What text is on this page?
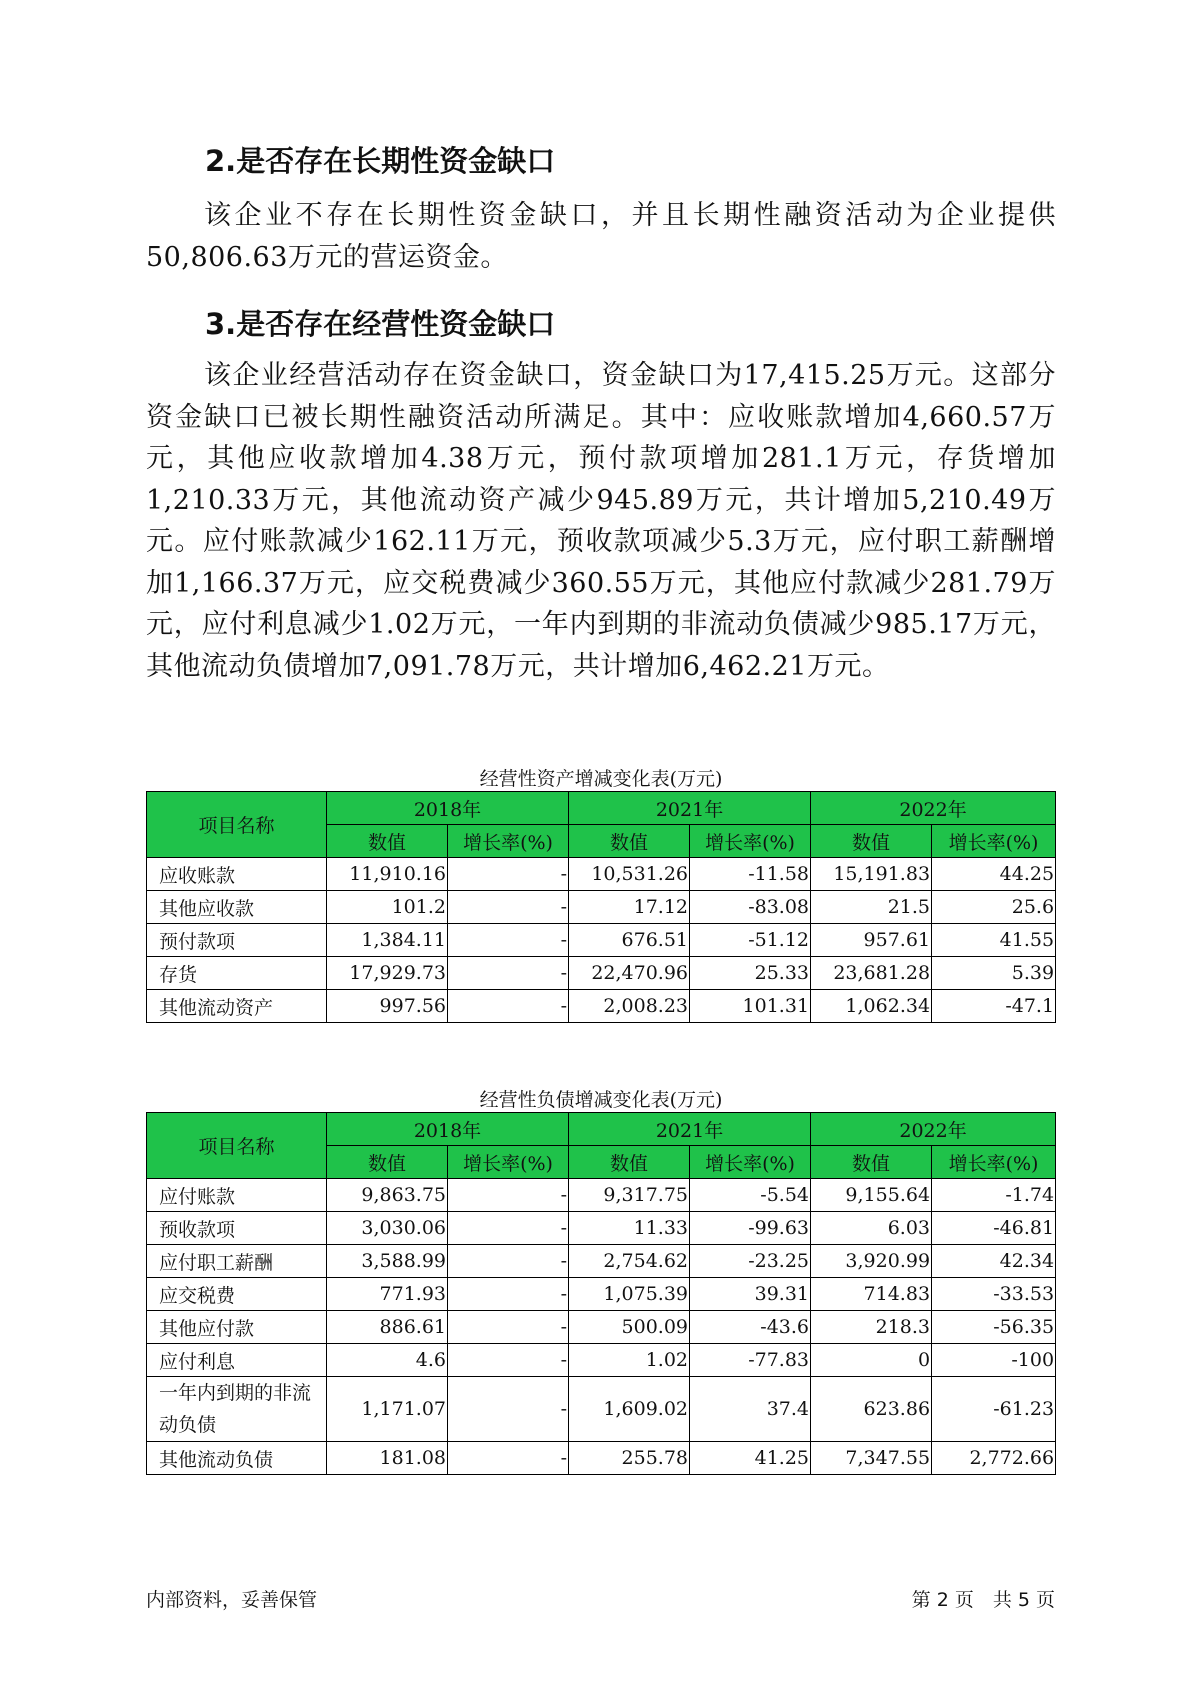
2.是否存在长期性资金缺口

该企业不存在长期性资金缺口，并且长期性融资活动为企业提供50,806.63万元的营运资金。

3.是否存在经营性资金缺口

该企业经营活动存在资金缺口，资金缺口为17,415.25万元。这部分资金缺口已被长期性融资活动所满足。其中：应收账款增加4,660.57万元，其他应收款增加4.38万元，预付款项增加281.1万元，存货增加1,210.33万元，其他流动资产减少945.89万元，共计增加5,210.49万元。应付账款减少162.11万元，预收款项减少5.3万元，应付职工薪酬增加1,166.37万元，应交税费减少360.55万元，其他应付款减少281.79万元，应付利息减少1.02万元，一年内到期的非流动负债减少985.17万元，其他流动负债增加7,091.78万元，共计增加6,462.21万元。

经营性资产增减变化表(万元)

项目名称	2018年		2021年		2022年	
	数值	增长率(%)	数值	增长率(%)	数值	增长率(%)
应收账款	11,910.16	-	10,531.26	-11.58	15,191.83	44.25
其他应收款	101.2	-	17.12	-83.08	21.5	25.6
预付款项	1,384.11	-	676.51	-51.12	957.61	41.55
存货	17,929.73	-	22,470.96	25.33	23,681.28	5.39
其他流动资产	997.56	-	2,008.23	101.31	1,062.34	-47.1

经营性负债增减变化表(万元)

项目名称	2018年		2021年		2022年	
	数值	增长率(%)	数值	增长率(%)	数值	增长率(%)
应付账款	9,863.75	-	9,317.75	-5.54	9,155.64	-1.74
预收款项	3,030.06	-	11.33	-99.63	6.03	-46.81
应付职工薪酬	3,588.99	-	2,754.62	-23.25	3,920.99	42.34
应交税费	771.93	-	1,075.39	39.31	714.83	-33.53
其他应付款	886.61	-	500.09	-43.6	218.3	-56.35
应付利息	4.6	-	1.02	-77.83	0	-100
一年内到期的非流动负债	1,171.07	-	1,609.02	37.4	623.86	-61.23
其他流动负债	181.08	-	255.78	41.25	7,347.55	2,772.66

内部资料，妥善保管	第 2 页　共 5 页
